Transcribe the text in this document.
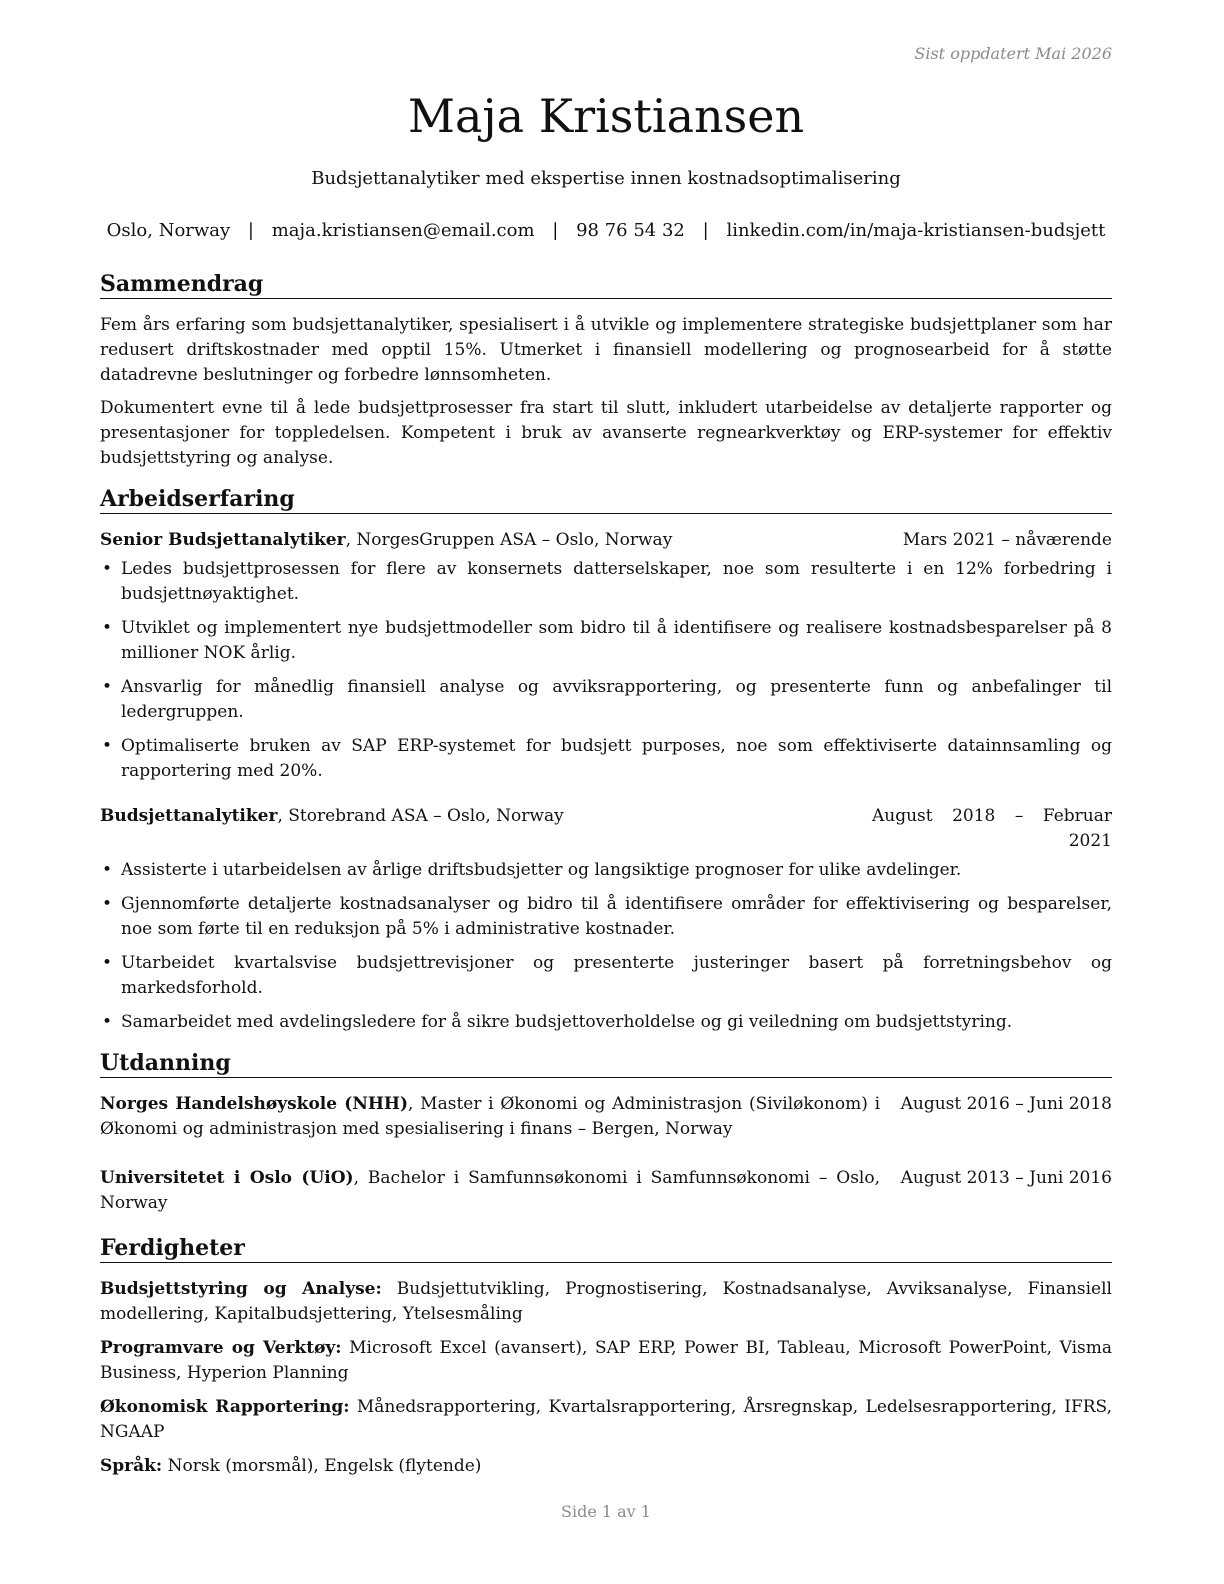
Sist oppdatert Mai 2026
Maja Kristiansen
Budsjettanalytiker med ekspertise innen kostnadsoptimalisering
Oslo, Norway | maja.kristiansen@email.com | 98 76 54 32 | linkedin.com/in/maja-kristiansen-budsjett
Sammendrag

Fem års erfaring som budsjettanalytiker, spesialisert i å utvikle og implementere strategiske budsjettplaner som har redusert driftskostnader med opptil 15%. Utmerket i finansiell modellering og prognosearbeid for å støtte datadrevne beslutninger og forbedre lønnsomheten.

Dokumentert evne til å lede budsjettprosesser fra start til slutt, inkludert utarbeidelse av detaljerte rapporter og presentasjoner for toppledelsen. Kompetent i bruk av avanserte regnearkverktøy og ERP-systemer for effektiv budsjettstyring og analyse.

Arbeidserfaring
Senior Budsjettanalytiker, NorgesGruppen ASA – Oslo, Norway	Mars 2021 – nåværende
• Ledes budsjettprosessen for flere av konsernets datterselskaper, noe som resulterte i en 12% forbedring i budsjettnøyaktighet.
• Utviklet og implementert nye budsjettmodeller som bidro til å identifisere og realisere kostnadsbesparelser på 8 millioner NOK årlig.
• Ansvarlig for månedlig finansiell analyse og avviksrapportering, og presenterte funn og anbefalinger til ledergruppen.
• Optimaliserte bruken av SAP ERP-systemet for budsjett purposes, noe som effektiviserte datainnsamling og rapportering med 20%.
Budsjettanalytiker, Storebrand ASA – Oslo, Norway	August 2018 – Februar 2021
• Assisterte i utarbeidelsen av årlige driftsbudsjetter og langsiktige prognoser for ulike avdelinger.
• Gjennomførte detaljerte kostnadsanalyser og bidro til å identifisere områder for effektivisering og besparelser, noe som førte til en reduksjon på 5% i administrative kostnader.
• Utarbeidet kvartalsvise budsjettrevisjoner og presenterte justeringer basert på forretningsbehov og markedsforhold.
• Samarbeidet med avdelingsledere for å sikre budsjettoverholdelse og gi veiledning om budsjettstyring.
Utdanning
Norges Handelshøyskole (NHH), Master i Økonomi og Administrasjon (Siviløkonom) i Økonomi og administrasjon med spesialisering i finans – Bergen, Norway
August 2016 – Juni 2018
Universitetet i Oslo (UiO), Bachelor i Samfunnsøkonomi i Samfunnsøkonomi – Oslo, Norway
August 2013 – Juni 2016
Ferdigheter

Budsjettstyring og Analyse: Budsjettutvikling, Prognostisering, Kostnadsanalyse, Avviksanalyse, Finansiell modellering, Kapitalbudsjettering, Ytelsesmåling

Programvare og Verktøy: Microsoft Excel (avansert), SAP ERP, Power BI, Tableau, Microsoft PowerPoint, Visma Business, Hyperion Planning

Økonomisk Rapportering: Månedsrapportering, Kvartalsrapportering, Årsregnskap, Ledelsesrapportering, IFRS, NGAAP

Språk: Norsk (morsmål), Engelsk (flytende)

Side 1 av 1
